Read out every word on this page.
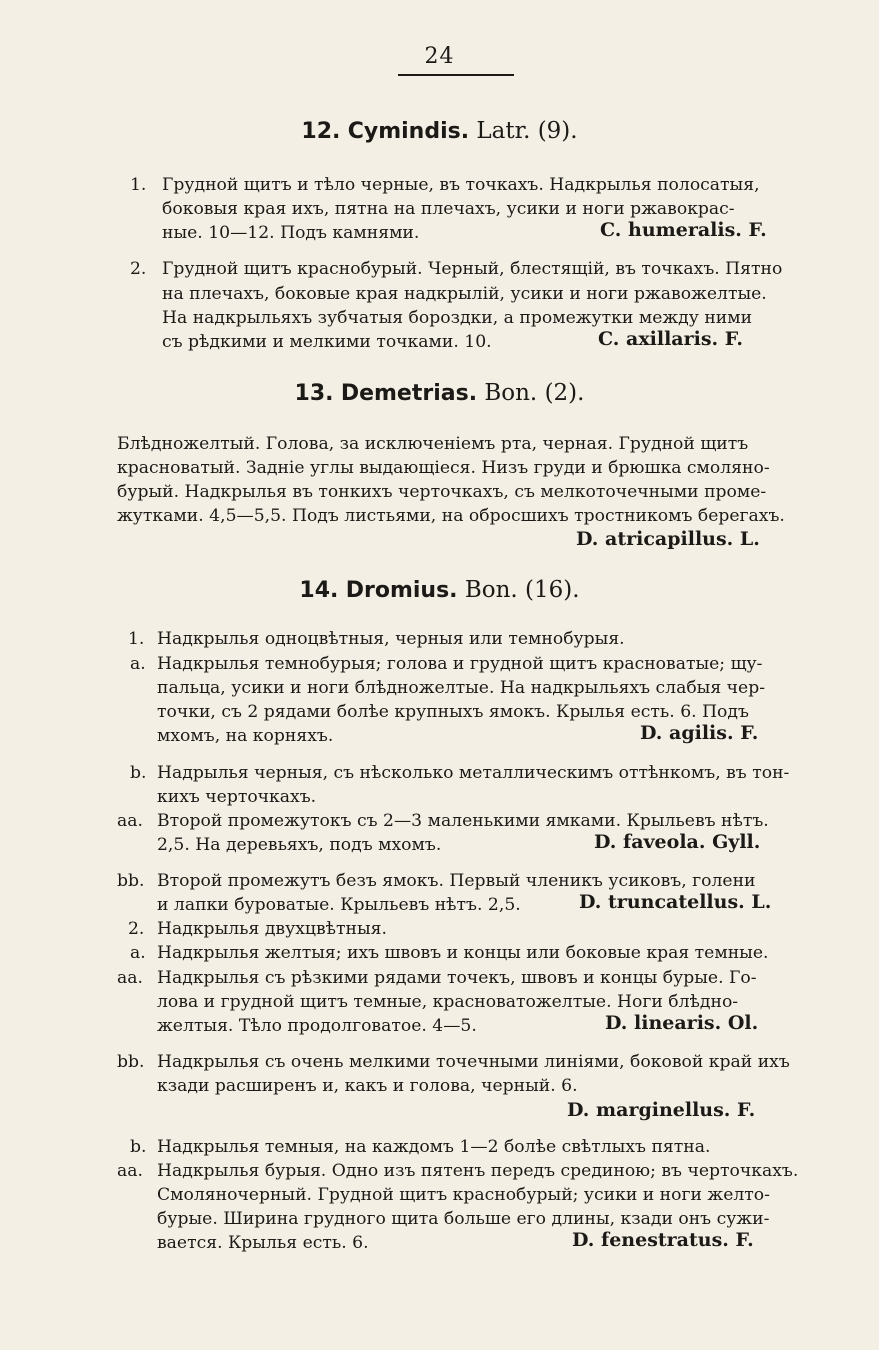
24
12. Cymindis. Latr. (9).
1. Грудной щитъ и тѣло черные, въ точкахъ. Надкрылья полосатыя,
боковыя края ихъ, пятна на плечахъ, усики и ноги ржавокрас-
ные. 10—12. Подъ камнями.	C. humeralis. F.
2. Грудной щитъ краснобурый. Черный, блестящій, въ точкахъ. Пятно
на плечахъ, боковые края надкрылій, усики и ноги ржавожелтые.
На надкрыльяхъ зубчатыя бороздки, а промежутки между ними
съ рѣдкими и мелкими точками. 10.	C. axillaris. F.
13. Demetrias. Bon. (2).
Блѣдножелтый. Голова, за исключеніемъ рта, черная. Грудной щитъ
красноватый. Задніе углы выдающіеся. Низъ груди и брюшка смоляно-
бурый. Надкрылья въ тонкихъ черточкахъ, съ мелкоточечными проме-
жутками. 4,5—5,5. Подъ листьями, на обросшихъ тростникомъ берегахъ.
D. atricapillus. L.
14. Dromius. Bon. (16).
1. Надкрылья одноцвѣтныя, черныя или темнобурыя.
a. Надкрылья темнобурыя; голова и грудной щитъ красноватые; щу-
пальца, усики и ноги блѣдножелтые. На надкрыльяхъ слабыя чер-
точки, съ 2 рядами болѣе крупныхъ ямокъ. Крылья есть. 6. Подъ
мхомъ, на корняхъ.	D. agilis. F.
b. Надрылья черныя, съ нѣсколько металлическимъ оттѣнкомъ, въ тон-
кихъ черточкахъ.
aa. Второй промежутокъ съ 2—3 маленькими ямками. Крыльевъ нѣтъ.
2,5. На деревьяхъ, подъ мхомъ.	D. faveola. Gyll.
bb. Второй промежутъ безъ ямокъ. Первый членикъ усиковъ, голени
и лапки буроватые. Крыльевъ нѣтъ. 2,5.	D. truncatellus. L.
2. Надкрылья двухцвѣтныя.
a. Надкрылья желтыя; ихъ швовъ и концы или боковые края темные.
aa. Надкрылья съ рѣзкими рядами точекъ, швовъ и концы бурые. Го-
лова и грудной щитъ темные, красноватожелтые. Ноги блѣдно-
желтыя. Тѣло продолговатое. 4—5.	D. linearis. Ol.
bb. Надкрылья съ очень мелкими точечными линіями, боковой край ихъ
кзади расширенъ и, какъ и голова, черный. 6.
D. marginellus. F.
b. Надкрылья темныя, на каждомъ 1—2 болѣе свѣтлыхъ пятна.
aa. Надкрылья бурыя. Одно изъ пятенъ передъ срединою; въ черточкахъ.
Смоляночерный. Грудной щитъ краснобурый; усики и ноги желто-
бурые. Ширина грудного щита больше его длины, кзади онъ сужи-
вается. Крылья есть. 6.	D. fenestratus. F.
